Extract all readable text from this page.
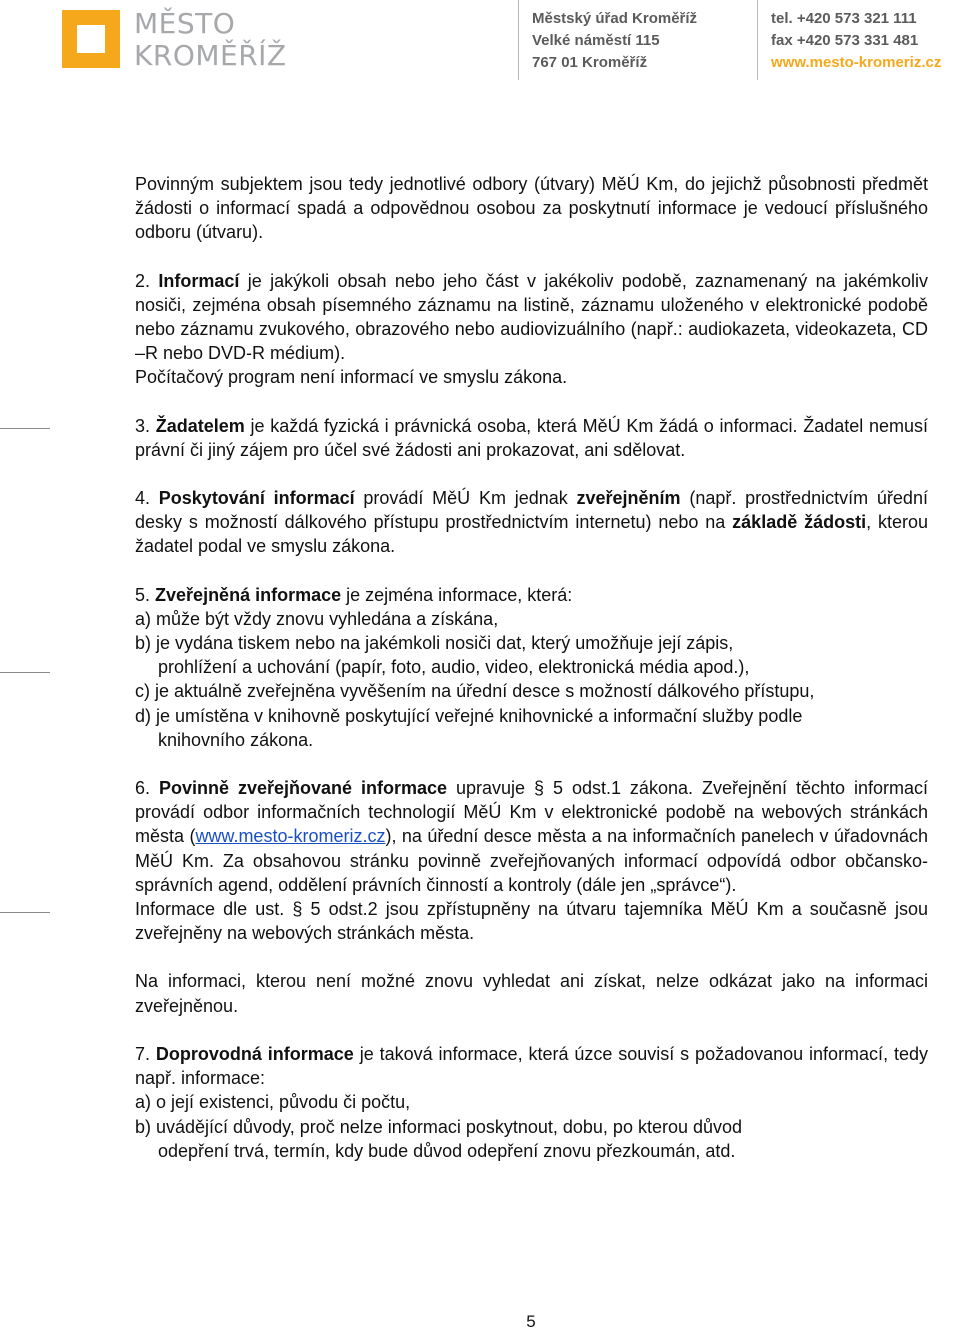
MĚSTO
KROMĚŘÍŽ
Městský úřad Kroměříž
Velké náměstí 115
767 01 Kroměříž
tel. +420 573 321 111
fax +420 573 331 481
www.mesto-kromeriz.cz

Povinným subjektem jsou tedy jednotlivé odbory (útvary) MěÚ Km, do jejichž působnosti předmět žádosti o informací spadá a odpovědnou osobou za poskytnutí informace je vedoucí příslušného odboru (útvaru).

2. Informací je jakýkoli obsah nebo jeho část v jakékoliv podobě, zaznamenaný na jakémkoliv nosiči, zejména obsah písemného záznamu na listině, záznamu uloženého v elektronické podobě nebo záznamu zvukového, obrazového nebo audiovizuálního (např.: audiokazeta, videokazeta, CD –R nebo DVD-R médium).

Počítačový program není informací ve smyslu zákona.

3. Žadatelem je každá fyzická i právnická osoba, která MěÚ Km žádá o informaci. Žadatel nemusí právní či jiný zájem pro účel své žádosti ani prokazovat, ani sdělovat.

4. Poskytování informací provádí MěÚ Km jednak zveřejněním (např. prostřednictvím úřední desky s možností dálkového přístupu prostřednictvím internetu) nebo na základě žádosti, kterou žadatel podal ve smyslu zákona.

5. Zveřejněná informace je zejména informace, která:

a) může být vždy znovu vyhledána a získána,

b) je vydána tiskem nebo na jakémkoli nosiči dat, který umožňuje její zápis,

prohlížení a uchování (papír, foto, audio, video, elektronická média apod.),

c) je aktuálně zveřejněna vyvěšením na úřední desce s možností dálkového přístupu,

d) je umístěna v knihovně poskytující veřejné knihovnické a informační služby podle

knihovního zákona.

6. Povinně zveřejňované informace upravuje § 5 odst.1 zákona. Zveřejnění těchto informací provádí odbor informačních technologií MěÚ Km v elektronické podobě na webových stránkách města (www.mesto-kromeriz.cz), na úřední desce města a na informačních panelech v úřadovnách MěÚ Km. Za obsahovou stránku povinně zveřejňovaných informací odpovídá odbor občansko-správních agend, oddělení právních činností a kontroly (dále jen „správce“).

Informace dle ust. § 5 odst.2 jsou zpřístupněny na útvaru tajemníka MěÚ Km a současně jsou zveřejněny na webových stránkách města.

Na informaci, kterou není možné znovu vyhledat ani získat, nelze odkázat jako na informaci zveřejněnou.

7. Doprovodná informace je taková informace, která úzce souvisí s požadovanou informací, tedy např. informace:

a) o její existenci, původu či počtu,

b) uvádějící důvody, proč nelze informaci poskytnout, dobu, po kterou důvod

odepření trvá, termín, kdy bude důvod odepření znovu přezkoumán, atd.

5
